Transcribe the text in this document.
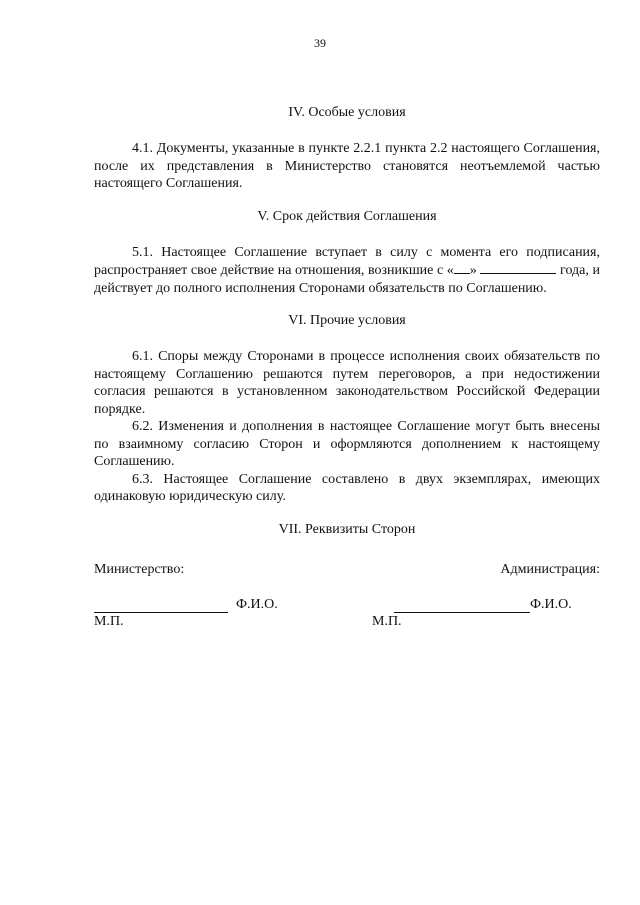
39
IV. Особые условия

4.1. Документы, указанные в пункте 2.2.1 пункта 2.2 настоящего Соглашения, после их представления в Министерство становятся неотъемлемой частью настоящего Соглашения.

V. Срок действия Соглашения

5.1. Настоящее Соглашение вступает в силу с момента его подписания, распространяет свое действие на отношения, возникшие с « »	года, и действует до полного исполнения Сторонами обязательств по Соглашению.

VI. Прочие условия

6.1. Споры между Сторонами в процессе исполнения своих обязательств по настоящему Соглашению решаются путем переговоров, а при недостижении согласия решаются в установленном законодательством Российской Федерации порядке.

6.2. Изменения и дополнения в настоящее Соглашение могут быть внесены по взаимному согласию Сторон и оформляются дополнением к настоящему Соглашению.

6.3. Настоящее Соглашение составлено в двух экземплярах, имеющих одинаковую юридическую силу.

VII. Реквизиты Сторон
Министерство:	Администрация:
Ф.И.О.
М.П.
Ф.И.О.
М.П.
